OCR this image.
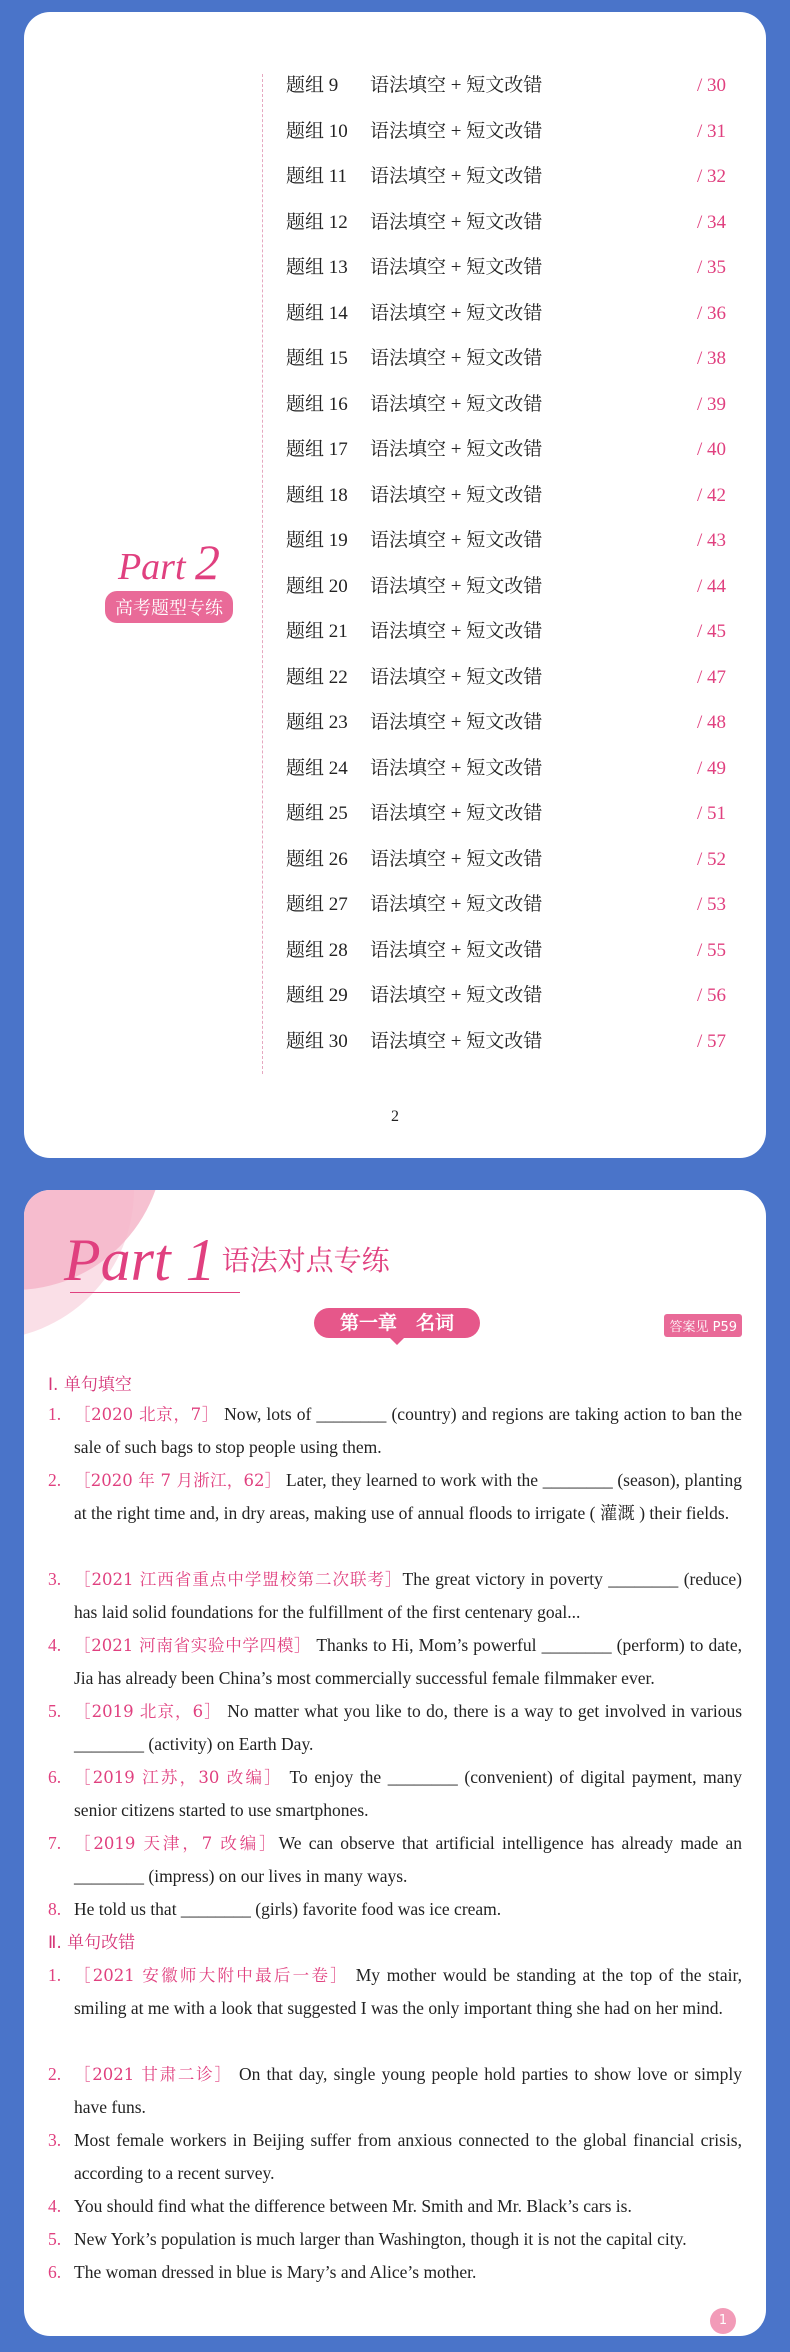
Part 2
高考题型专练
题组 9 语法填空 + 短文改错	/ 30
题组 10 语法填空 + 短文改错	/ 31
题组 11 语法填空 + 短文改错	/ 32
题组 12 语法填空 + 短文改错	/ 34
题组 13 语法填空 + 短文改错	/ 35
题组 14 语法填空 + 短文改错	/ 36
题组 15 语法填空 + 短文改错	/ 38
题组 16 语法填空 + 短文改错	/ 39
题组 17 语法填空 + 短文改错	/ 40
题组 18 语法填空 + 短文改错	/ 42
题组 19 语法填空 + 短文改错	/ 43
题组 20 语法填空 + 短文改错	/ 44
题组 21 语法填空 + 短文改错	/ 45
题组 22 语法填空 + 短文改错	/ 47
题组 23 语法填空 + 短文改错	/ 48
题组 24 语法填空 + 短文改错	/ 49
题组 25 语法填空 + 短文改错	/ 51
题组 26 语法填空 + 短文改错	/ 52
题组 27 语法填空 + 短文改错	/ 53
题组 28 语法填空 + 短文改错	/ 55
题组 29 语法填空 + 短文改错	/ 56
题组 30 语法填空 + 短文改错	/ 57
2
Part 1 语法对点专练
第一章　名词	答案见 P59
Ⅰ. 单句填空
1. ［2020 北京，7］ Now, lots of ________ (country) and regions are taking action to ban the sale of such bags to stop people using them.
2. ［2020 年 7 月浙江，62］ Later, they learned to work with the ________ (season), planting at the right time and, in dry areas, making use of annual floods to irrigate ( 灌溉 ) their fields.
3. ［2021 江西省重点中学盟校第二次联考］The great victory in poverty ________ (reduce) has laid solid foundations for the fulfillment of the first centenary goal...
4. ［2021 河南省实验中学四模］ Thanks to Hi, Mom’s powerful ________ (perform) to date, Jia has already been China’s most commercially successful female filmmaker ever.
5. ［2019 北京，6］ No matter what you like to do, there is a way to get involved in various ________ (activity) on Earth Day.
6. ［2019 江苏，30 改编］ To enjoy the ________ (convenient) of digital payment, many senior citizens started to use smartphones.
7. ［2019 天津，7 改编］We can observe that artificial intelligence has already made an ________ (impress) on our lives in many ways.
8. He told us that ________ (girls) favorite food was ice cream.
Ⅱ. 单句改错
1. ［2021 安徽师大附中最后一卷］ My mother would be standing at the top of the stair, smiling at me with a look that suggested I was the only important thing she had on her mind.
2. ［2021 甘肃二诊］ On that day, single young people hold parties to show love or simply have funs.
3. Most female workers in Beijing suffer from anxious connected to the global financial crisis, according to a recent survey.
4. You should find what the difference between Mr. Smith and Mr. Black’s cars is.
5. New York’s population is much larger than Washington, though it is not the capital city.
6. The woman dressed in blue is Mary’s and Alice’s mother.
1
